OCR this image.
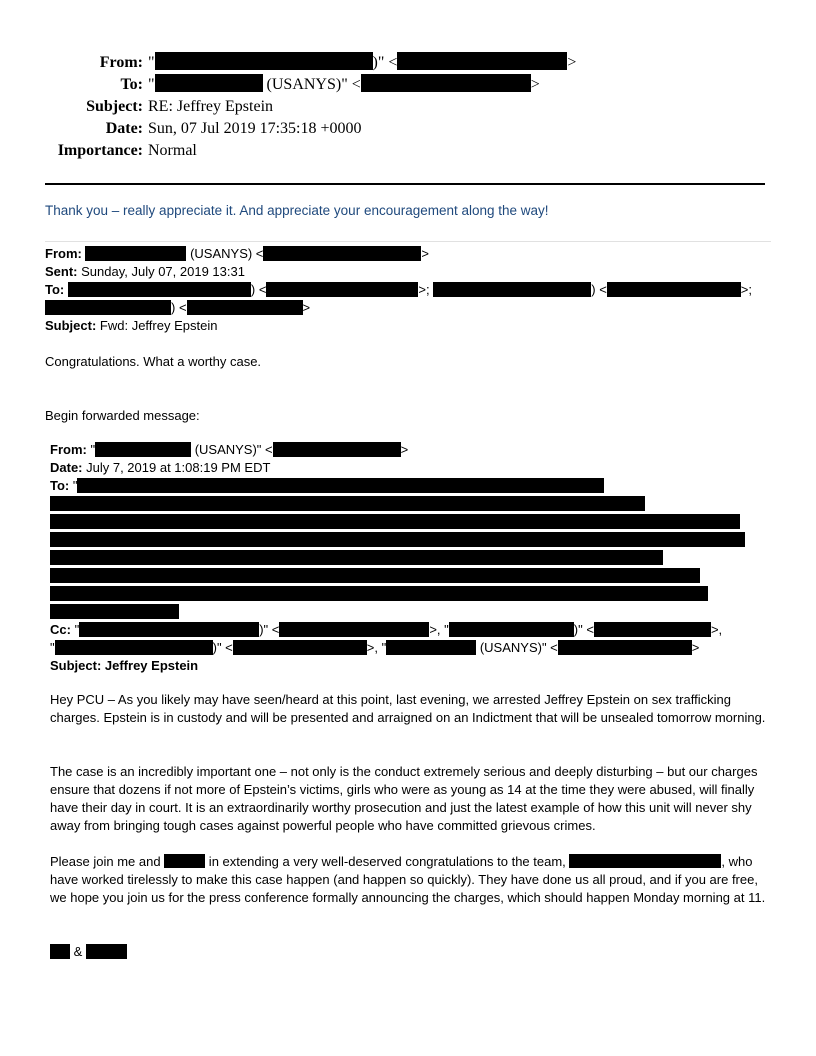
From: "	)" <	>
To: "	(USANYS)" <	>
Subject: RE: Jeffrey Epstein
Date: Sun, 07 Jul 2019 17:35:18 +0000
Importance: Normal
Thank you – really appreciate it. And appreciate your encouragement along the way!
From:	(USANYS) <	>
Sent: Sunday, July 07, 2019 13:31
To:	) <	>;	) <	>;
) <	>
Subject: Fwd: Jeffrey Epstein
Congratulations. What a worthy case.
Begin forwarded message:
From: "	(USANYS)" <	>
Date: July 7, 2019 at 1:08:19 PM EDT
To: "
Cc: "	)" <	>, "	)" <	>,
"	)" <	>, "	(USANYS)" <	>
Subject: Jeffrey Epstein
Hey PCU – As you likely may have seen/heard at this point, last evening, we arrested Jeffrey Epstein on sex trafficking charges. Epstein is in custody and will be presented and arraigned on an Indictment that will be unsealed tomorrow morning.
The case is an incredibly important one – not only is the conduct extremely serious and deeply disturbing – but our charges ensure that dozens if not more of Epstein’s victims, girls who were as young as 14 at the time they were abused, will finally have their day in court. It is an extraordinarily worthy prosecution and just the latest example of how this unit will never shy away from bringing tough cases against powerful people who have committed grievous crimes.
Please join me and	in extending a very well-deserved congratulations to the team,	, who have worked tirelessly to make this case happen (and happen so quickly). They have done us all proud, and if you are free, we hope you join us for the press conference formally announcing the charges, which should happen Monday morning at 11.
&
